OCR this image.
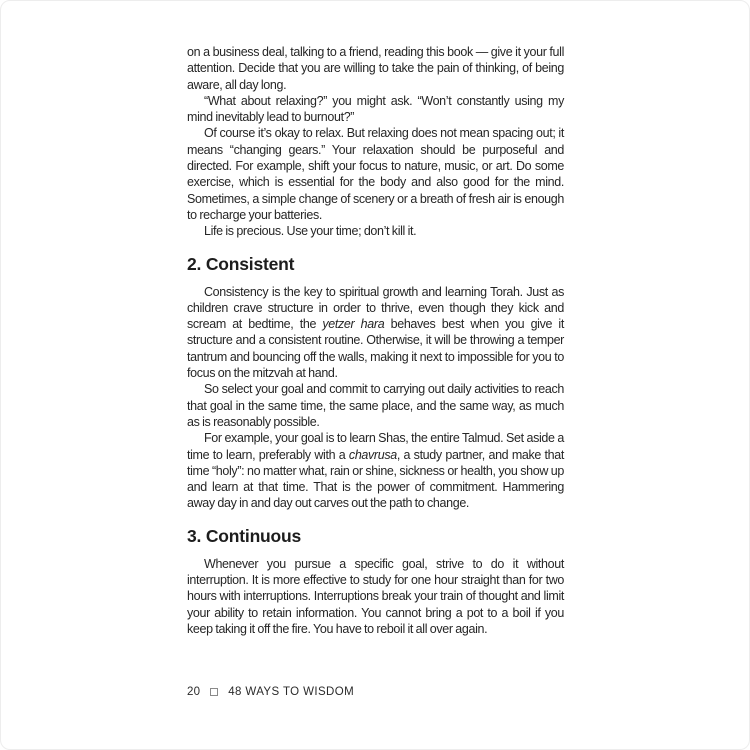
on a business deal, talking to a friend, reading this book — give it your full attention. Decide that you are willing to take the pain of thinking, of being aware, all day long.

“What about relaxing?” you might ask. “Won’t constantly using my mind inevitably lead to burnout?”

Of course it’s okay to relax. But relaxing does not mean spacing out; it means “changing gears.” Your relaxation should be purposeful and directed. For example, shift your focus to nature, music, or art. Do some exercise, which is essential for the body and also good for the mind. Sometimes, a simple change of scenery or a breath of fresh air is enough to recharge your batteries.

Life is precious. Use your time; don’t kill it.

2. Consistent

Consistency is the key to spiritual growth and learning Torah. Just as children crave structure in order to thrive, even though they kick and scream at bedtime, the yetzer hara behaves best when you give it structure and a consistent routine. Otherwise, it will be throwing a temper tantrum and bouncing off the walls, making it next to impossible for you to focus on the mitzvah at hand.

So select your goal and commit to carrying out daily activities to reach that goal in the same time, the same place, and the same way, as much as is reasonably possible.

For example, your goal is to learn Shas, the entire Talmud. Set aside a time to learn, preferably with a chavrusa, a study partner, and make that time “holy”: no matter what, rain or shine, sickness or health, you show up and learn at that time. That is the power of commitment. Hammering away day in and day out carves out the path to change.

3. Continuous

Whenever you pursue a specific goal, strive to do it without interruption. It is more effective to study for one hour straight than for two hours with interruptions. Interruptions break your train of thought and limit your ability to retain information. You cannot bring a pot to a boil if you keep taking it off the fire. You have to reboil it all over again.

20 48 WAYS TO WISDOM
